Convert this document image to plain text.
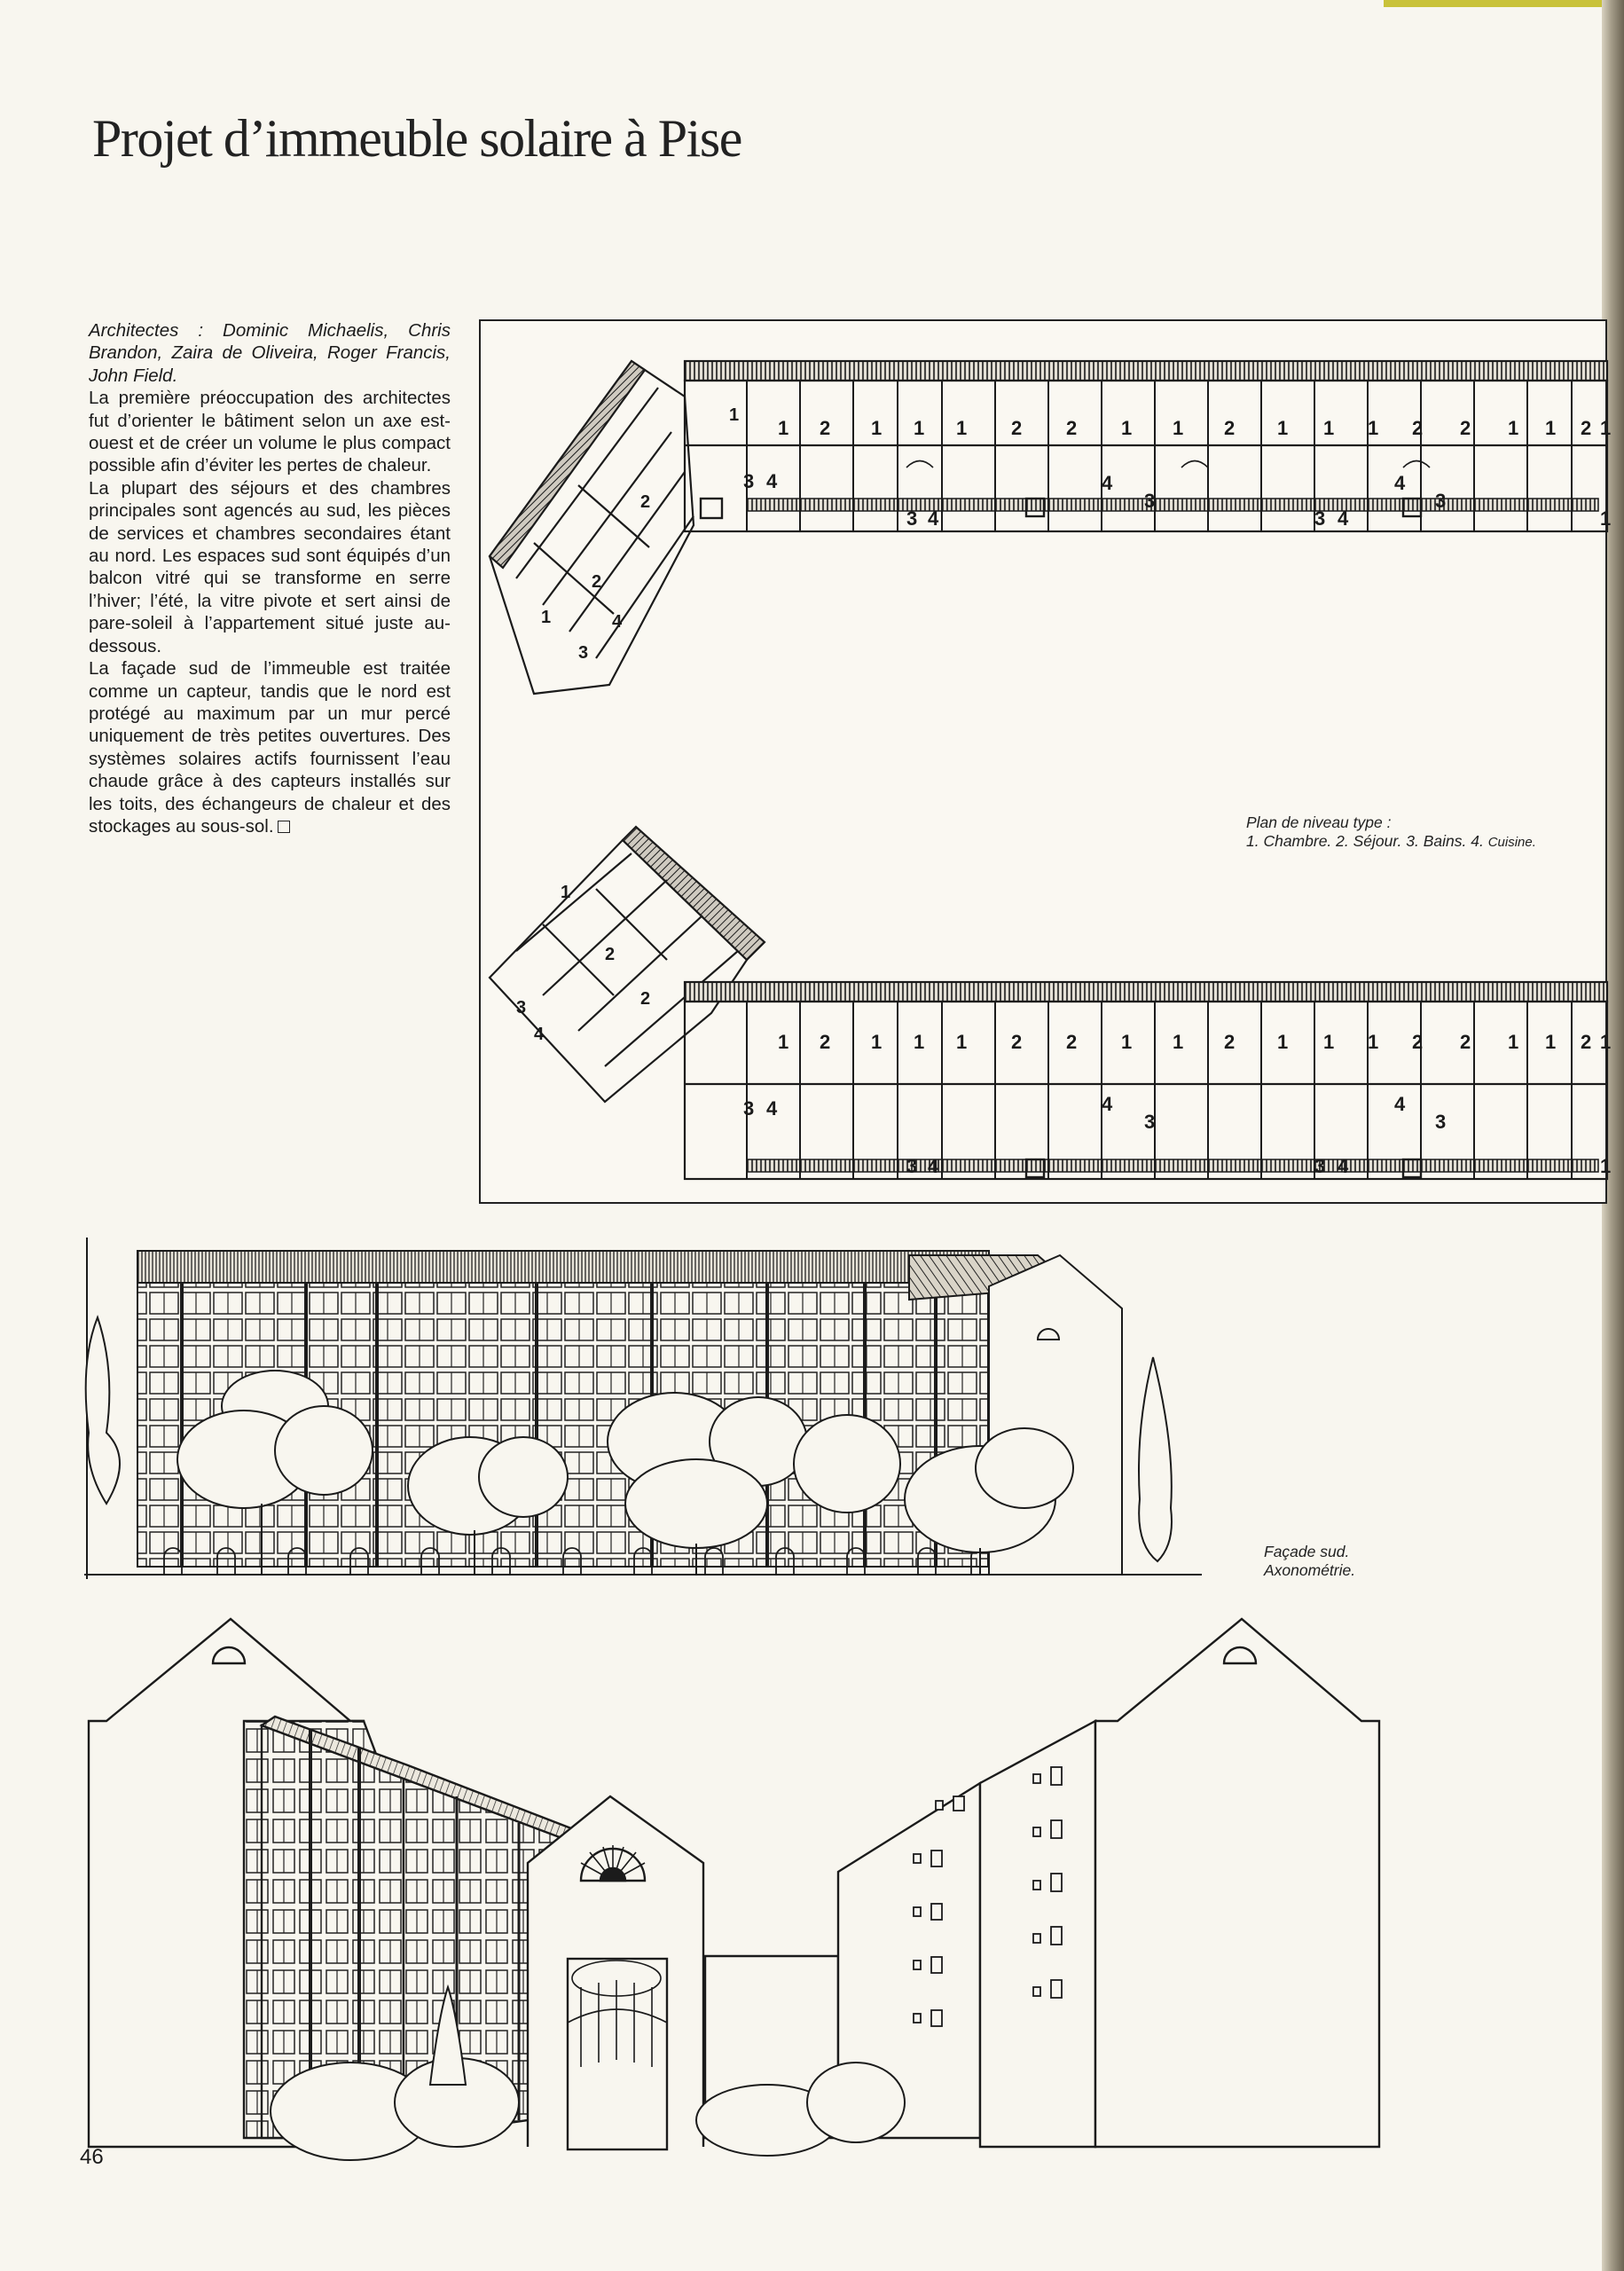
Projet d’immeuble solaire à Pise

Architectes : Dominic Michaelis, Chris Brandon, Zaira de Oliveira, Roger Francis, John Field.

La première préoccupation des architectes fut d’orienter le bâtiment selon un axe est-ouest et de créer un volume le plus compact possible afin d’éviter les pertes de chaleur.

La plupart des séjours et des chambres principales sont agencés au sud, les pièces de services et chambres secondaires étant au nord. Les espaces sud sont équipés d’un balcon vitré qui se transforme en serre l’hiver; l’été, la vitre pivote et sert ainsi de pare-soleil à l’appartement situé juste au-dessous.

La façade sud de l’immeuble est traitée comme un capteur, tandis que le nord est protégé au maximum par un mur percé uniquement de très petites ouvertures. Des systèmes solaires actifs fournissent l’eau chaude grâce à des capteurs installés sur les toits, des échangeurs de chaleur et des stockages au sous-sol.

1 2 1 1 1 2 2 1 1 2 1 1 1 2 2 1 1 2 1
3 4
3 4
4
3
3 4
4
3
1
1
2
2
1
3
4
1 2 1 1 1 2 2 1 1 2 1 1 1 2 2 1 1 2 1
3 4
3 4
4
3
3 4
4
3
1
1
2
2
3
4
Plan de niveau type :
1. Chambre. 2. Séjour. 3. Bains. 4. Cuisine.
Façade sud.
Axonométrie.
46
